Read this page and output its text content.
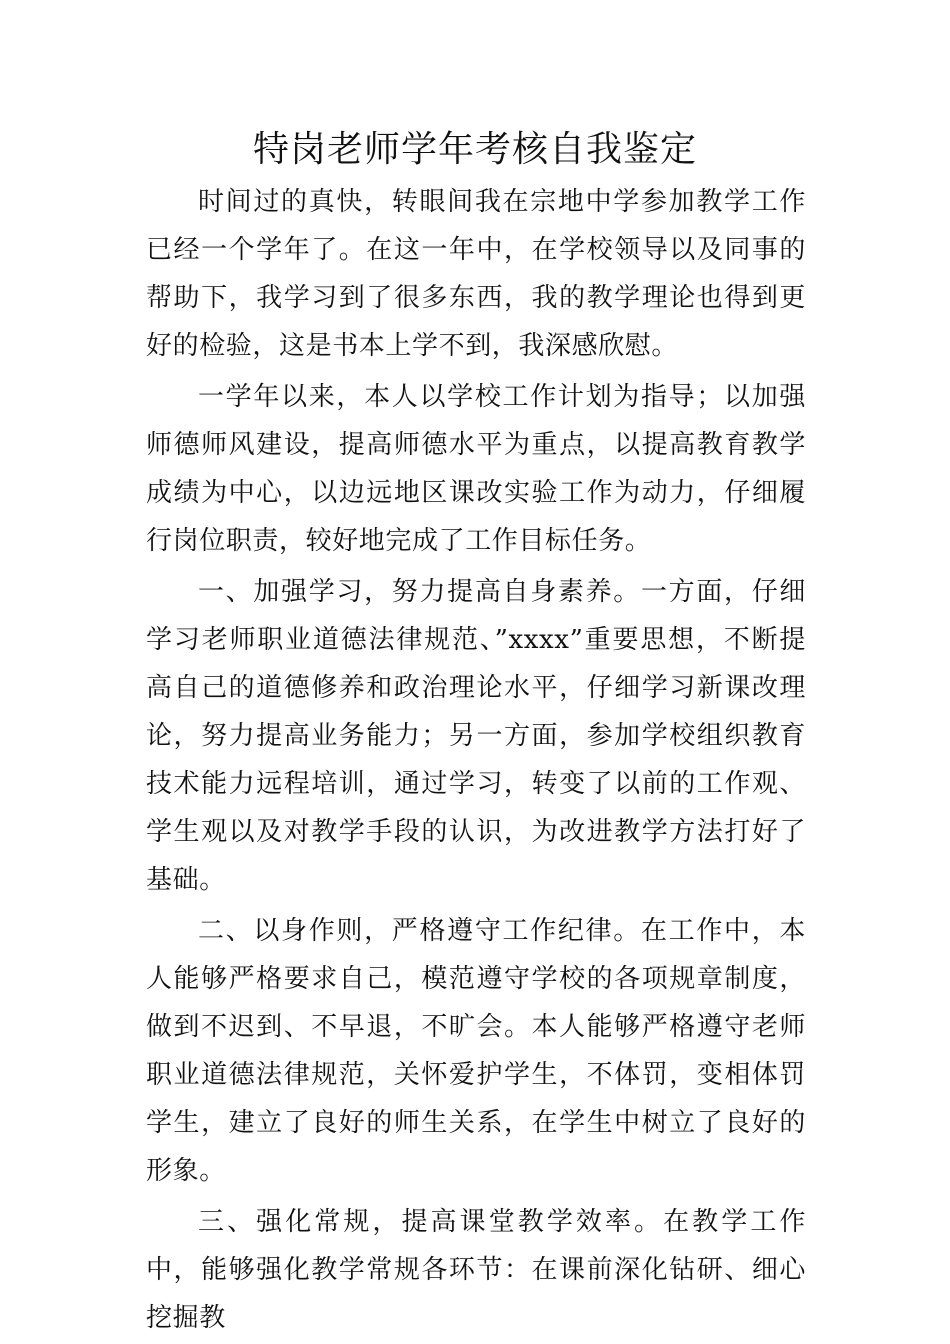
特岗老师学年考核自我鉴定

时间过的真快，转眼间我在宗地中学参加教学工作已经一个学年了。在这一年中，在学校领导以及同事的帮助下，我学习到了很多东西，我的教学理论也得到更好的检验，这是书本上学不到，我深感欣慰。

一学年以来，本人以学校工作计划为指导；以加强师德师风建设，提高师德水平为重点，以提高教育教学成绩为中心，以边远地区课改实验工作为动力，仔细履行岗位职责，较好地完成了工作目标任务。

一、加强学习，努力提高自身素养。一方面，仔细学习老师职业道德法律规范、”xxxx”重要思想，不断提高自己的道德修养和政治理论水平，仔细学习新课改理论，努力提高业务能力；另一方面，参加学校组织教育技术能力远程培训，通过学习，转变了以前的工作观、学生观以及对教学手段的认识，为改进教学方法打好了基础。

二、以身作则，严格遵守工作纪律。在工作中，本人能够严格要求自己，模范遵守学校的各项规章制度，做到不迟到、不早退，不旷会。本人能够严格遵守老师职业道德法律规范，关怀爱护学生，不体罚，变相体罚学生，建立了良好的师生关系，在学生中树立了良好的形象。

三、强化常规，提高课堂教学效率。在教学工作中，能够强化教学常规各环节：在课前深化钻研、细心挖掘教
